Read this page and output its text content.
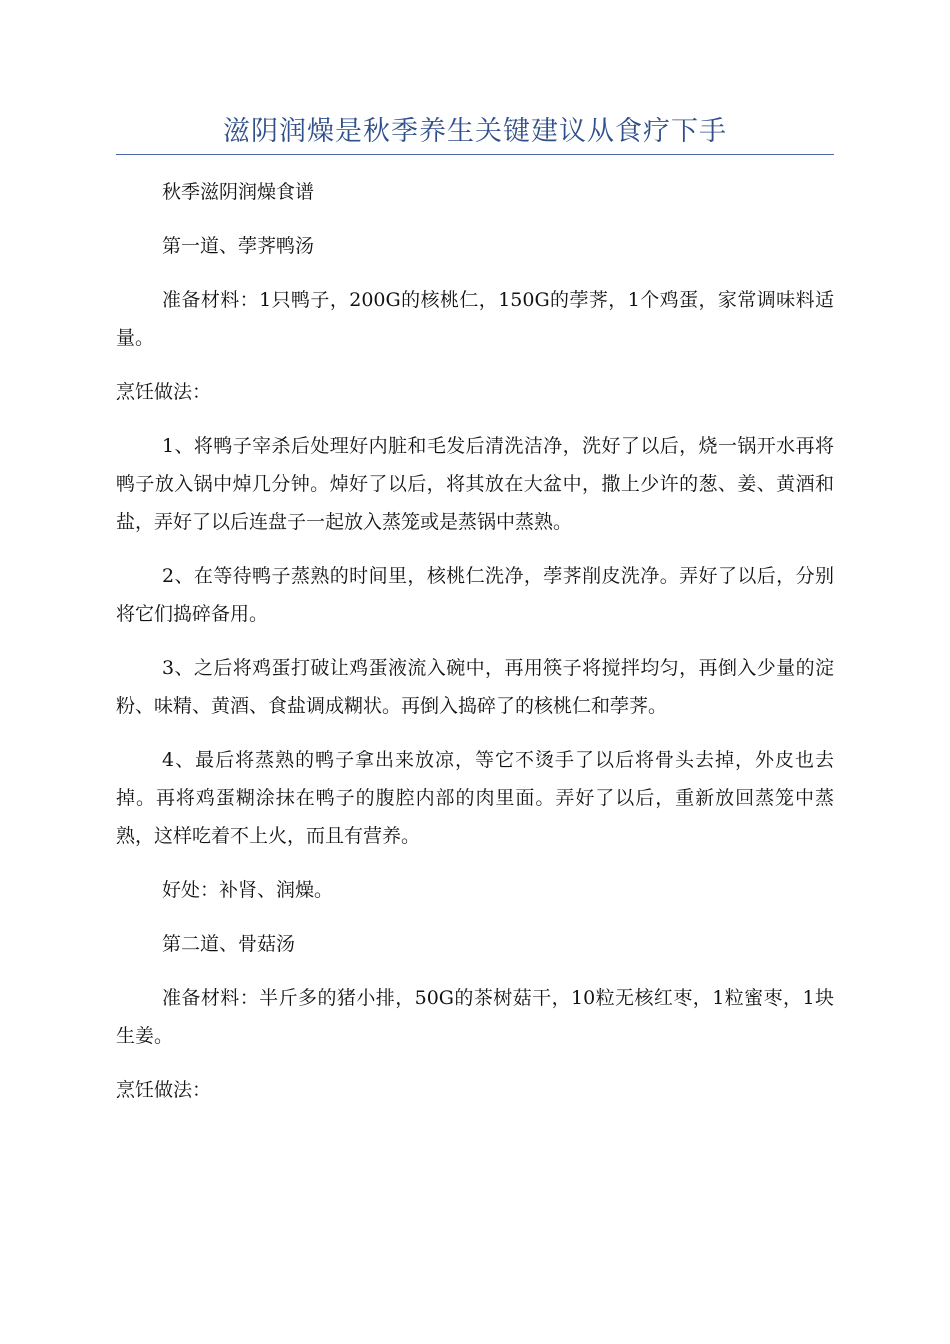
滋阴润燥是秋季养生关键建议从食疗下手

秋季滋阴润燥食谱

第一道、荸荠鸭汤

准备材料：1只鸭子，200G的核桃仁，150G的荸荠，1个鸡蛋，家常调味料适量。

烹饪做法：

1、将鸭子宰杀后处理好内脏和毛发后清洗洁净，洗好了以后，烧一锅开水再将鸭子放入锅中焯几分钟。焯好了以后，将其放在大盆中，撒上少许的葱、姜、黄酒和盐，弄好了以后连盘子一起放入蒸笼或是蒸锅中蒸熟。

2、在等待鸭子蒸熟的时间里，核桃仁洗净，荸荠削皮洗净。弄好了以后，分别将它们捣碎备用。

3、之后将鸡蛋打破让鸡蛋液流入碗中，再用筷子将搅拌均匀，再倒入少量的淀粉、味精、黄酒、食盐调成糊状。再倒入捣碎了的核桃仁和荸荠。

4、最后将蒸熟的鸭子拿出来放凉，等它不烫手了以后将骨头去掉，外皮也去掉。再将鸡蛋糊涂抹在鸭子的腹腔内部的肉里面。弄好了以后，重新放回蒸笼中蒸熟，这样吃着不上火，而且有营养。

好处：补肾、润燥。

第二道、骨菇汤

准备材料：半斤多的猪小排，50G的茶树菇干，10粒无核红枣，1粒蜜枣，1块生姜。

烹饪做法：
